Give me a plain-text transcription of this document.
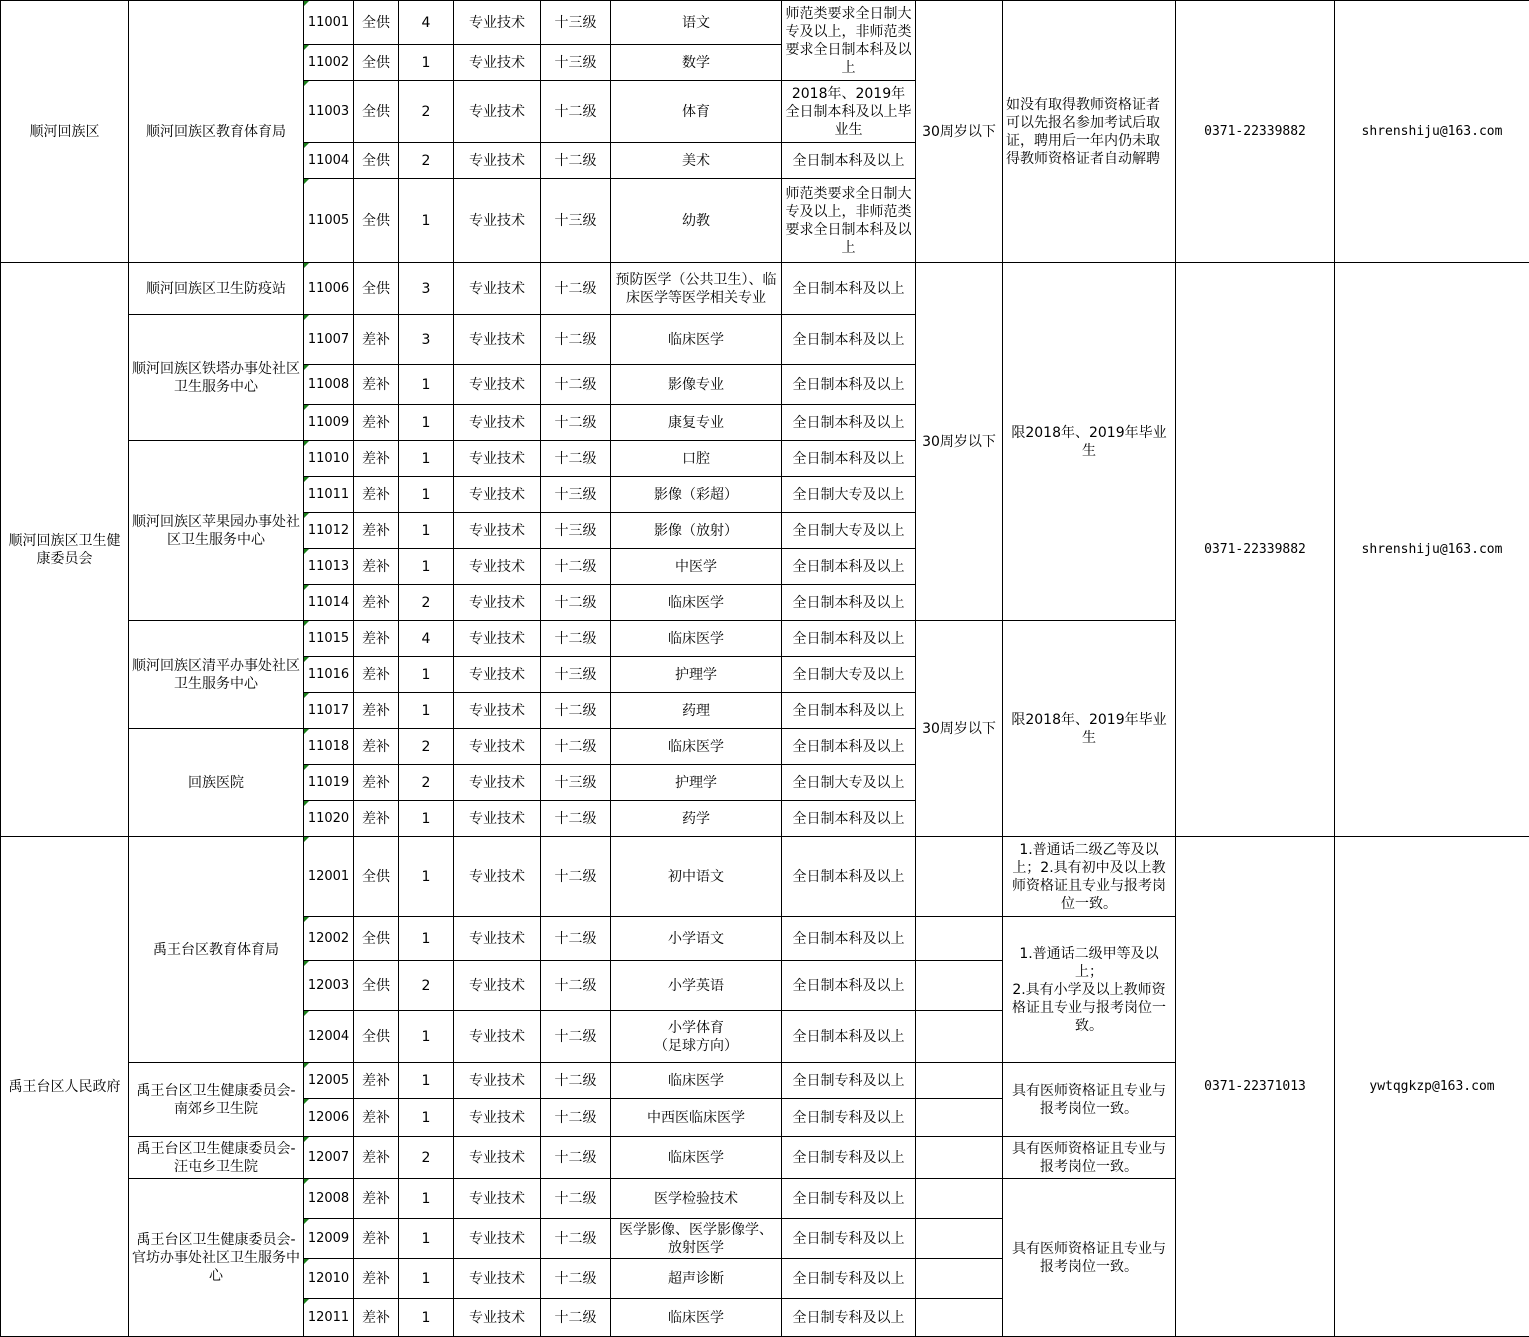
顺河回族区	顺河回族区教育体育局	11001	全供	4	专业技术	十三级	语文	师范类要求全日制大专及以上，非师范类要求全日制本科及以上	30周岁以下	如没有取得教师资格证者可以先报名参加考试后取证，聘用后一年内仍未取得教师资格证者自动解聘	0371-22339882	shrenshiju@163.com
		11002	全供	1	专业技术	十三级	数学					
		11003	全供	2	专业技术	十二级	体育	2018年、2019年全日制本科及以上毕业生				
		11004	全供	2	专业技术	十二级	美术	全日制本科及以上				
		11005	全供	1	专业技术	十三级	幼教	师范类要求全日制大专及以上，非师范类要求全日制本科及以上				
顺河回族区卫生健康委员会	顺河回族区卫生防疫站	11006	全供	3	专业技术	十二级	预防医学（公共卫生）、临床医学等医学相关专业	全日制本科及以上	30周岁以下	限2018年、2019年毕业生	0371-22339882	shrenshiju@163.com
	顺河回族区铁塔办事处社区卫生服务中心	11007	差补	3	专业技术	十二级	临床医学	全日制本科及以上				
		11008	差补	1	专业技术	十二级	影像专业	全日制本科及以上				
		11009	差补	1	专业技术	十二级	康复专业	全日制本科及以上				
	顺河回族区苹果园办事处社区卫生服务中心	11010	差补	1	专业技术	十二级	口腔	全日制本科及以上				
		11011	差补	1	专业技术	十三级	影像（彩超）	全日制大专及以上				
		11012	差补	1	专业技术	十三级	影像（放射）	全日制大专及以上				
		11013	差补	1	专业技术	十二级	中医学	全日制本科及以上				
		11014	差补	2	专业技术	十二级	临床医学	全日制本科及以上				
	顺河回族区清平办事处社区卫生服务中心	11015	差补	4	专业技术	十二级	临床医学	全日制本科及以上	30周岁以下	限2018年、2019年毕业生		
		11016	差补	1	专业技术	十三级	护理学	全日制大专及以上				
		11017	差补	1	专业技术	十二级	药理	全日制本科及以上				
	回族医院	11018	差补	2	专业技术	十二级	临床医学	全日制本科及以上				
		11019	差补	2	专业技术	十三级	护理学	全日制大专及以上				
		11020	差补	1	专业技术	十二级	药学	全日制本科及以上				
禹王台区人民政府	禹王台区教育体育局	12001	全供	1	专业技术	十二级	初中语文	全日制本科及以上		1.普通话二级乙等及以上；2.具有初中及以上教师资格证且专业与报考岗位一致。	0371-22371013	ywtqgkzp@163.com
		12002	全供	1	专业技术	十二级	小学语文	全日制本科及以上		1.普通话二级甲等及以上；
2.具有小学及以上教师资格证且专业与报考岗位一致。		
		12003	全供	2	专业技术	十二级	小学英语	全日制本科及以上				
		12004	全供	1	专业技术	十二级	小学体育
（足球方向）	全日制本科及以上				
	禹王台区卫生健康委员会-南郊乡卫生院	12005	差补	1	专业技术	十二级	临床医学	全日制专科及以上		具有医师资格证且专业与报考岗位一致。		
		12006	差补	1	专业技术	十二级	中西医临床医学	全日制专科及以上				
	禹王台区卫生健康委员会-汪屯乡卫生院	12007	差补	2	专业技术	十二级	临床医学	全日制专科及以上		具有医师资格证且专业与报考岗位一致。		
	禹王台区卫生健康委员会-官坊办事处社区卫生服务中心	12008	差补	1	专业技术	十二级	医学检验技术	全日制专科及以上		具有医师资格证且专业与报考岗位一致。		
		12009	差补	1	专业技术	十二级	医学影像、医学影像学、放射医学	全日制专科及以上				
		12010	差补	1	专业技术	十二级	超声诊断	全日制专科及以上				
		12011	差补	1	专业技术	十二级	临床医学	全日制专科及以上				
